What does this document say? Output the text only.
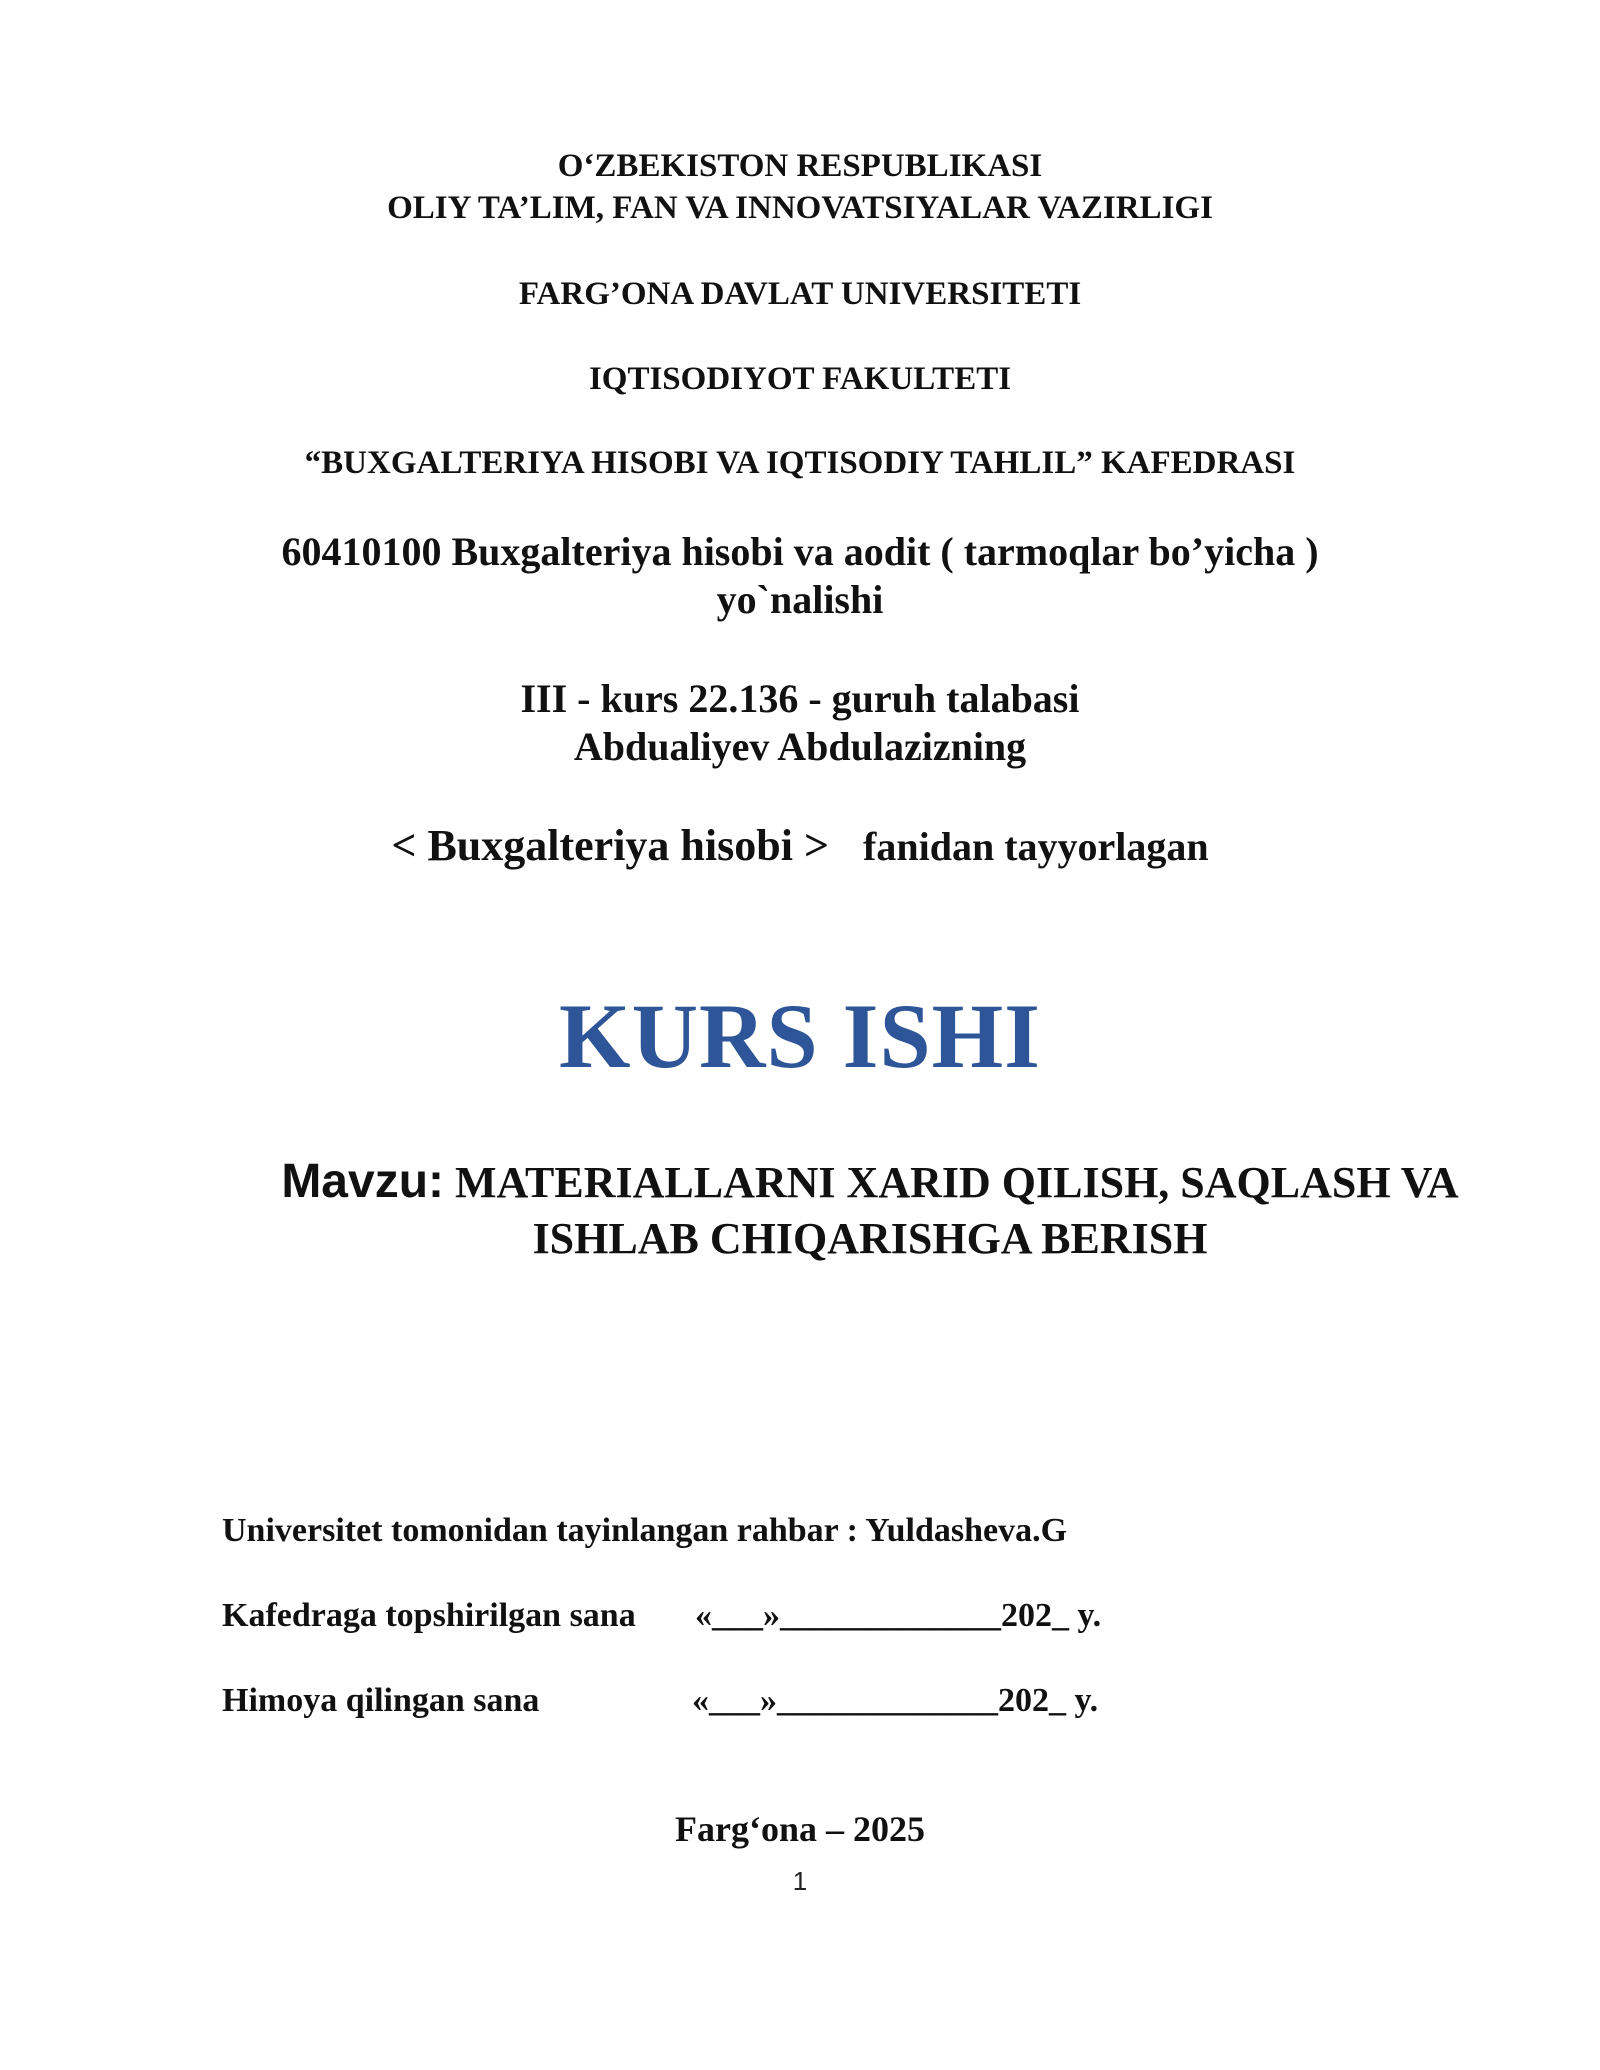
O‘ZBEKISTON RESPUBLIKASI
OLIY TA’LIM, FAN VA INNOVATSIYALAR VAZIRLIGI
FARG’ONA DAVLAT UNIVERSITETI
IQTISODIYOT FAKULTETI
“BUXGALTERIYA HISOBI VA IQTISODIY TAHLIL” KAFEDRASI
60410100 Buxgalteriya hisobi va aodit ( tarmoqlar bo’yicha )
yo`nalishi
III - kurs 22.136 - guruh talabasi
Abdualiyev Abdulazizning
< Buxgalteriya hisobi > fanidan tayyorlagan
KURS ISHI
Mavzu: MATERIALLARNI XARID QILISH, SAQLASH VA
ISHLAB CHIQARISHGA BERISH
Universitet tomonidan tayinlangan rahbar : Yuldasheva.G
Kafedraga topshirilgan sana «___»_____________202_ y.
Himoya qilingan sana	«___»_____________202_ y.
Farg‘ona – 2025
1
